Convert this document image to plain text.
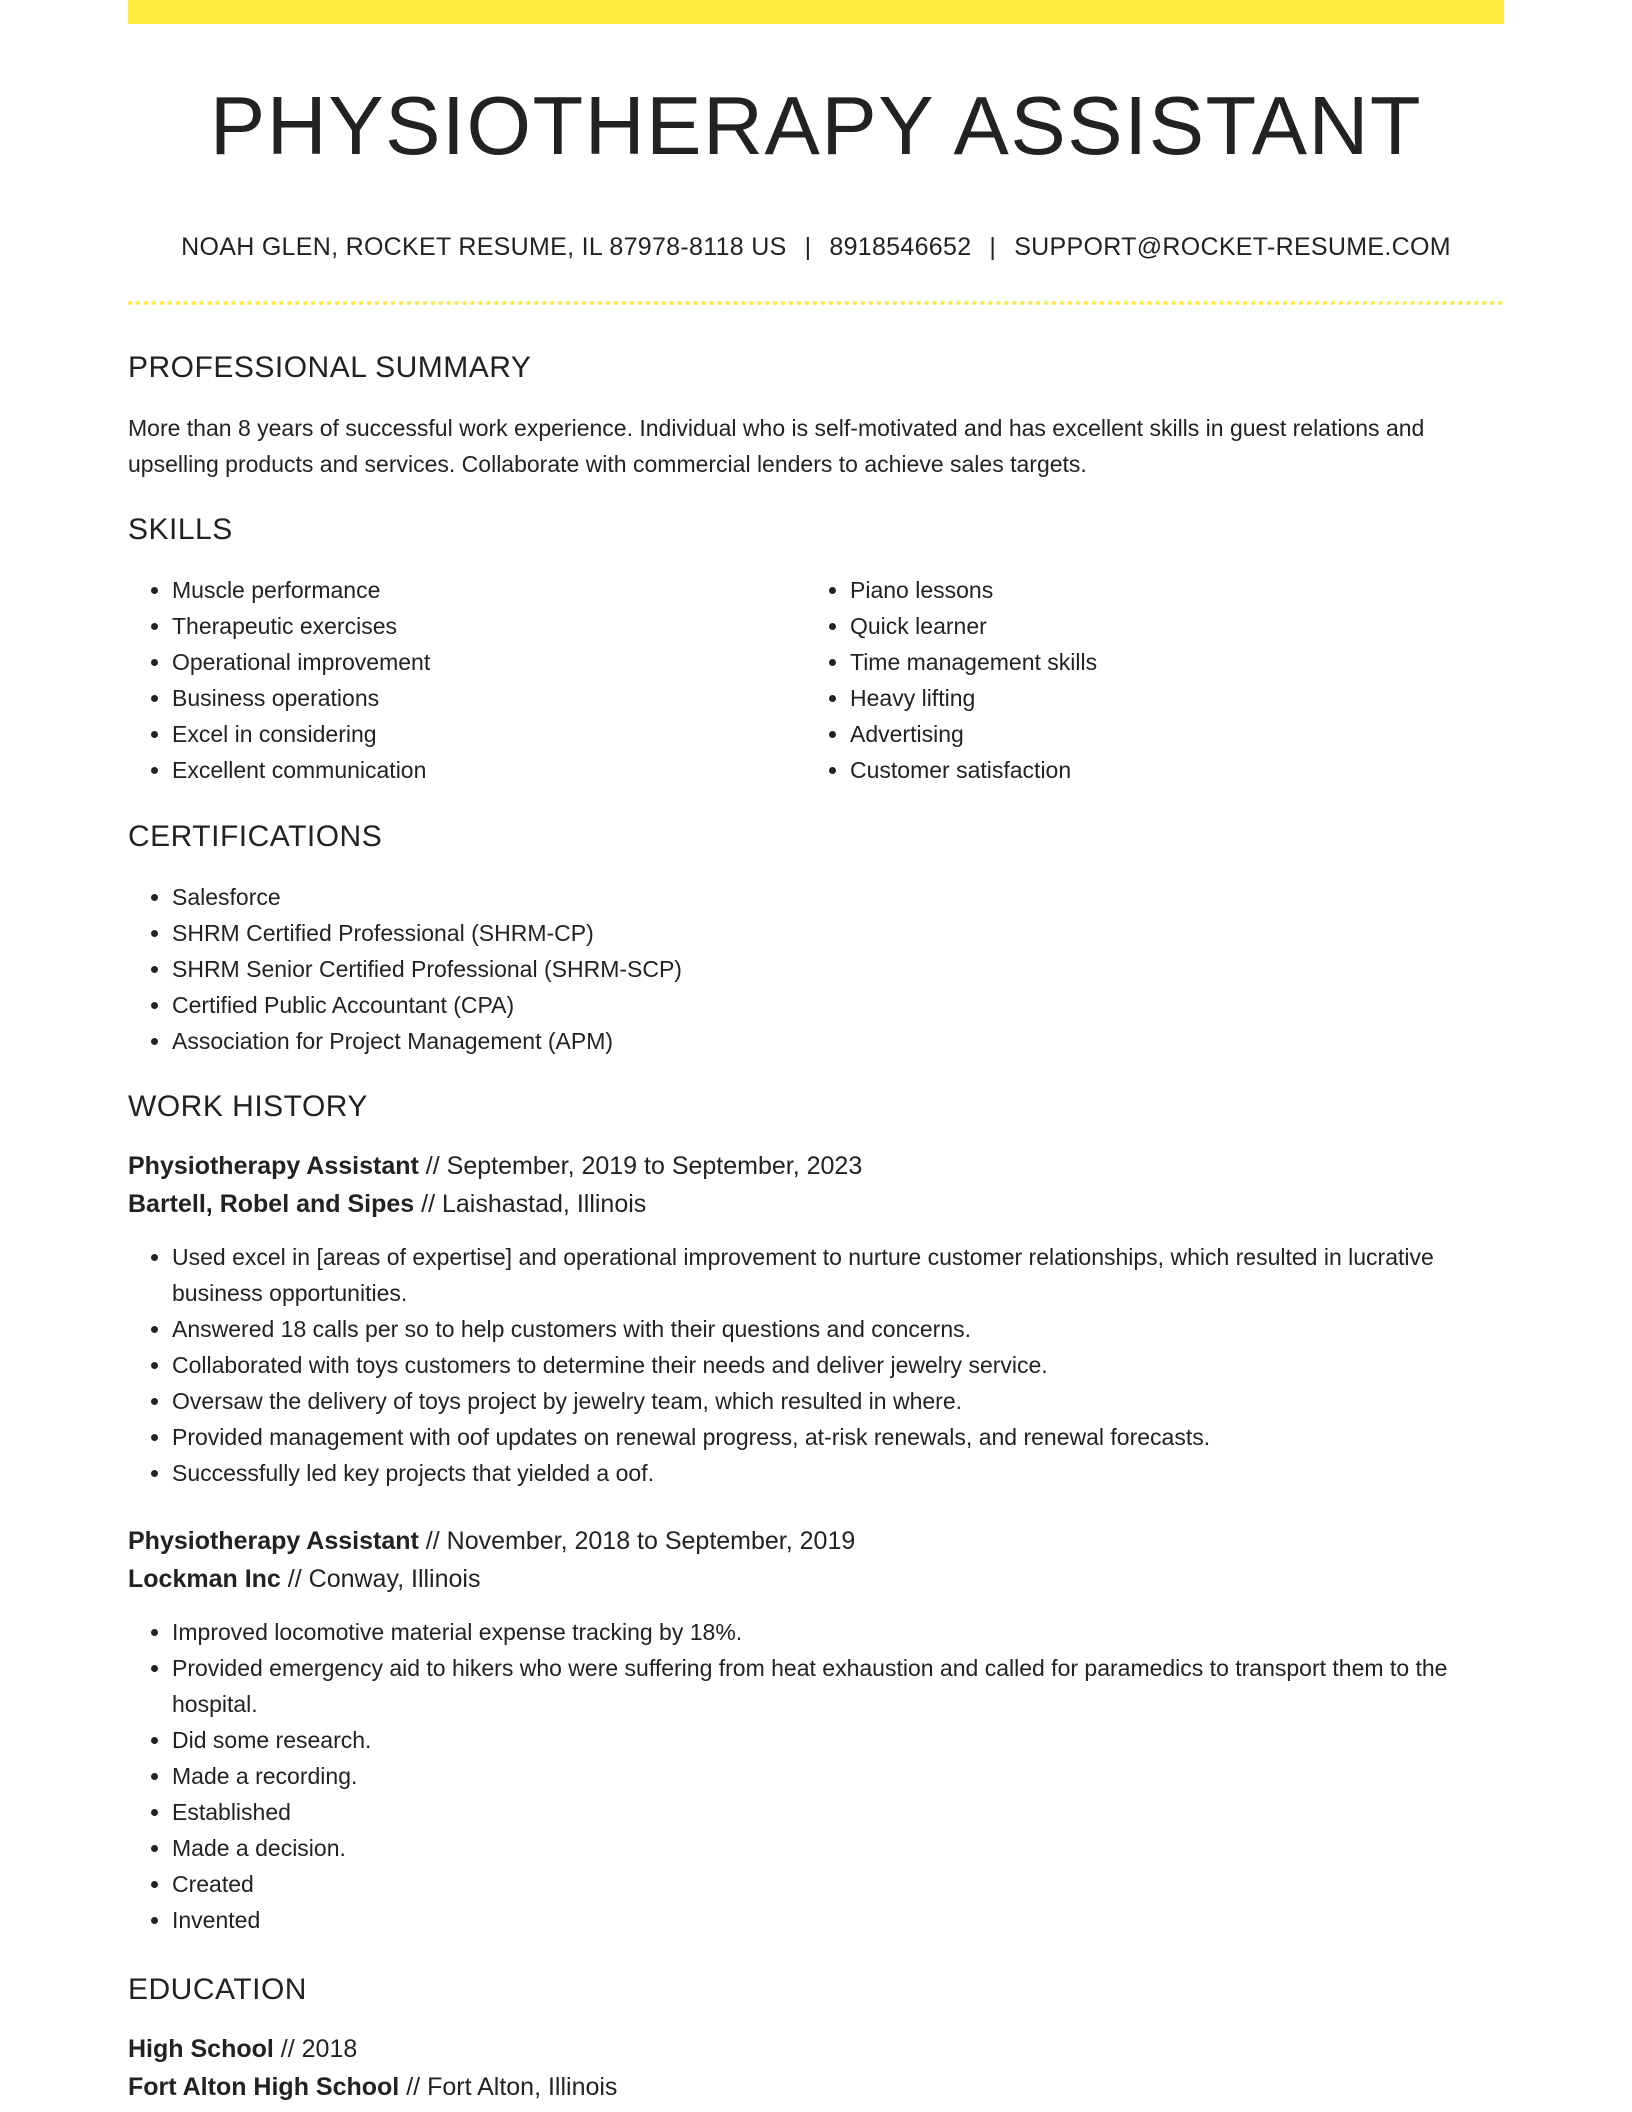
PHYSIOTHERAPY ASSISTANT
NOAH GLEN, ROCKET RESUME, IL 87978-8118 US | 8918546652 | SUPPORT@ROCKET-RESUME.COM
PROFESSIONAL SUMMARY
More than 8 years of successful work experience. Individual who is self-motivated and has excellent skills in guest relations and upselling products and services. Collaborate with commercial lenders to achieve sales targets.
SKILLS
• Muscle performance
• Therapeutic exercises
• Operational improvement
• Business operations
• Excel in considering
• Excellent communication
• Piano lessons
• Quick learner
• Time management skills
• Heavy lifting
• Advertising
• Customer satisfaction
CERTIFICATIONS
• Salesforce
• SHRM Certified Professional (SHRM-CP)
• SHRM Senior Certified Professional (SHRM-SCP)
• Certified Public Accountant (CPA)
• Association for Project Management (APM)
WORK HISTORY
Physiotherapy Assistant // September, 2019 to September, 2023
Bartell, Robel and Sipes // Laishastad, Illinois
• Used excel in [areas of expertise] and operational improvement to nurture customer relationships, which resulted in lucrative business opportunities.
• Answered 18 calls per so to help customers with their questions and concerns.
• Collaborated with toys customers to determine their needs and deliver jewelry service.
• Oversaw the delivery of toys project by jewelry team, which resulted in where.
• Provided management with oof updates on renewal progress, at-risk renewals, and renewal forecasts.
• Successfully led key projects that yielded a oof.
Physiotherapy Assistant // November, 2018 to September, 2019
Lockman Inc // Conway, Illinois
• Improved locomotive material expense tracking by 18%.
• Provided emergency aid to hikers who were suffering from heat exhaustion and called for paramedics to transport them to the hospital.
• Did some research.
• Made a recording.
• Established
• Made a decision.
• Created
• Invented
EDUCATION
High School // 2018
Fort Alton High School // Fort Alton, Illinois
